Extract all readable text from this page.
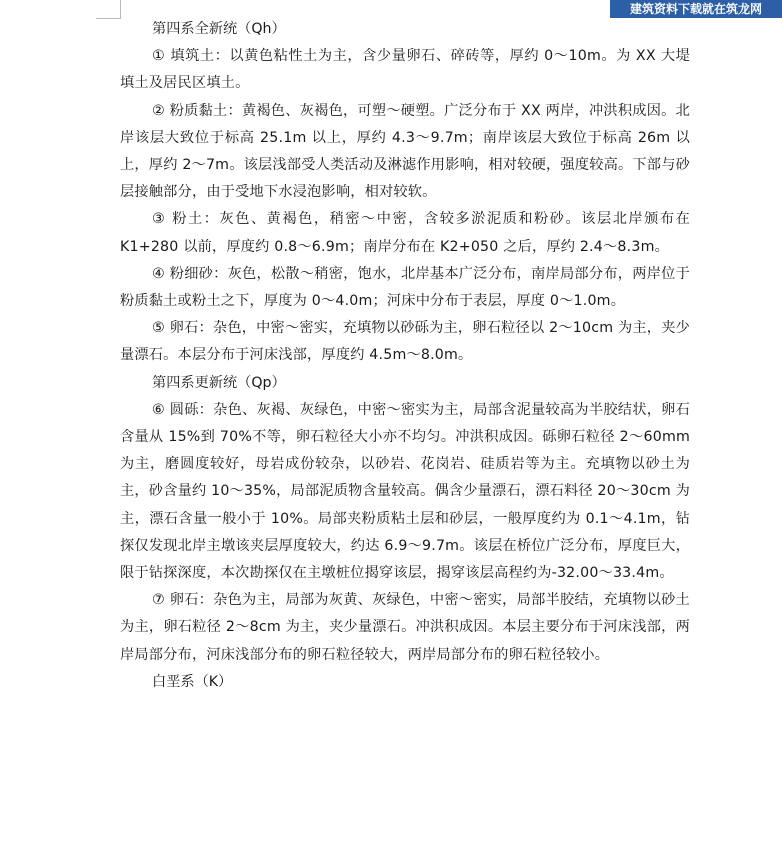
建筑资料下载就在筑龙网

第四系全新统（Qh）

① 填筑土：以黄色粘性土为主，含少量卵石、碎砖等，厚约 0～10m。为 XX 大堤填土及居民区填土。

② 粉质黏土：黄褐色、灰褐色，可塑～硬塑。广泛分布于 XX 两岸，冲洪积成因。北岸该层大致位于标高 25.1m 以上，厚约 4.3～9.7m；南岸该层大致位于标高 26m 以上，厚约 2～7m。该层浅部受人类活动及淋滤作用影响，相对较硬，强度较高。下部与砂层接触部分，由于受地下水浸泡影响，相对较软。

③ 粉土：灰色、黄褐色，稍密～中密，含较多淤泥质和粉砂。该层北岸颁布在 K1+280 以前，厚度约 0.8～6.9m；南岸分布在 K2+050 之后，厚约 2.4～8.3m。

④ 粉细砂：灰色，松散～稍密，饱水，北岸基本广泛分布，南岸局部分布，两岸位于粉质黏土或粉土之下，厚度为 0～4.0m；河床中分布于表层，厚度 0～1.0m。

⑤ 卵石：杂色，中密～密实，充填物以砂砾为主，卵石粒径以 2～10cm 为主，夹少量漂石。本层分布于河床浅部，厚度约 4.5m～8.0m。

第四系更新统（Qp）

⑥ 圆砾：杂色、灰褐、灰绿色，中密～密实为主，局部含泥量较高为半胶结状，卵石含量从 15%到 70%不等，卵石粒径大小亦不均匀。冲洪积成因。砾卵石粒径 2～60mm 为主，磨圆度较好，母岩成份较杂，以砂岩、花岗岩、硅质岩等为主。充填物以砂土为主，砂含量约 10～35%，局部泥质物含量较高。偶含少量漂石，漂石料径 20～30cm 为主，漂石含量一般小于 10%。局部夹粉质粘土层和砂层，一般厚度约为 0.1～4.1m，钻探仅发现北岸主墩该夹层厚度较大，约达 6.9～9.7m。该层在桥位广泛分布，厚度巨大，限于钻探深度，本次勘探仅在主墩桩位揭穿该层，揭穿该层高程约为-32.00～33.4m。

⑦ 卵石：杂色为主，局部为灰黄、灰绿色，中密～密实，局部半胶结，充填物以砂土为主，卵石粒径 2～8cm 为主，夹少量漂石。冲洪积成因。本层主要分布于河床浅部，两岸局部分布，河床浅部分布的卵石粒径较大，两岸局部分布的卵石粒径较小。

白垩系（K）
